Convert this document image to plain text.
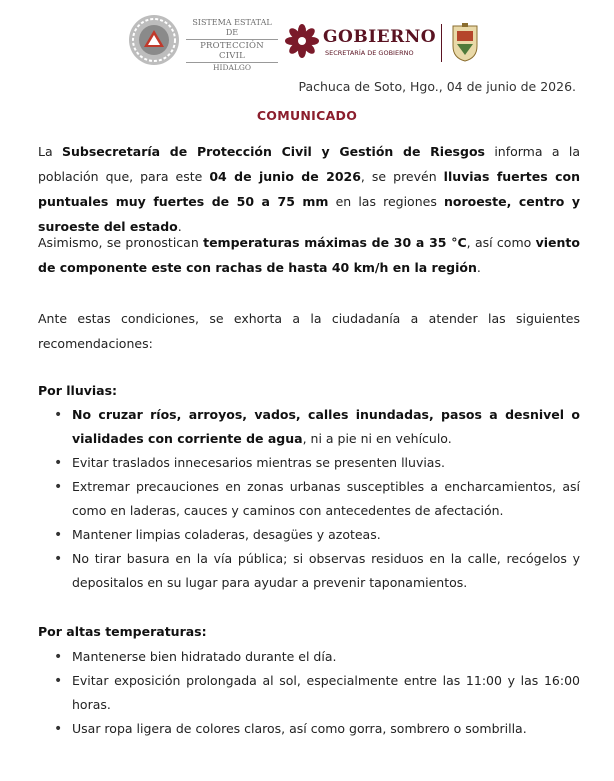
SISTEMA ESTATAL DE
PROTECCIÓN CIVIL
HIDALGO
GOBIERNO
SECRETARÍA DE GOBIERNO
Pachuca de Soto, Hgo., 04 de junio de 2026.
COMUNICADO
La Subsecretaría de Protección Civil y Gestión de Riesgos informa a la población que, para este 04 de junio de 2026, se prevén lluvias fuertes con puntuales muy fuertes de 50 a 75 mm en las regiones noroeste, centro y suroeste del estado.
Asimismo, se pronostican temperaturas máximas de 30 a 35 °C, así como viento de componente este con rachas de hasta 40 km/h en la región.
Ante estas condiciones, se exhorta a la ciudadanía a atender las siguientes recomendaciones:
Por lluvias:
• No cruzar ríos, arroyos, vados, calles inundadas, pasos a desnivel o vialidades con corriente de agua, ni a pie ni en vehículo.
• Evitar traslados innecesarios mientras se presenten lluvias.
• Extremar precauciones en zonas urbanas susceptibles a encharcamientos, así como en laderas, cauces y caminos con antecedentes de afectación.
• Mantener limpias coladeras, desagües y azoteas.
• No tirar basura en la vía pública; si observas residuos en la calle, recógelos y depositalos en su lugar para ayudar a prevenir taponamientos.
Por altas temperaturas:
• Mantenerse bien hidratado durante el día.
• Evitar exposición prolongada al sol, especialmente entre las 11:00 y las 16:00 horas.
• Usar ropa ligera de colores claros, así como gorra, sombrero o sombrilla.
